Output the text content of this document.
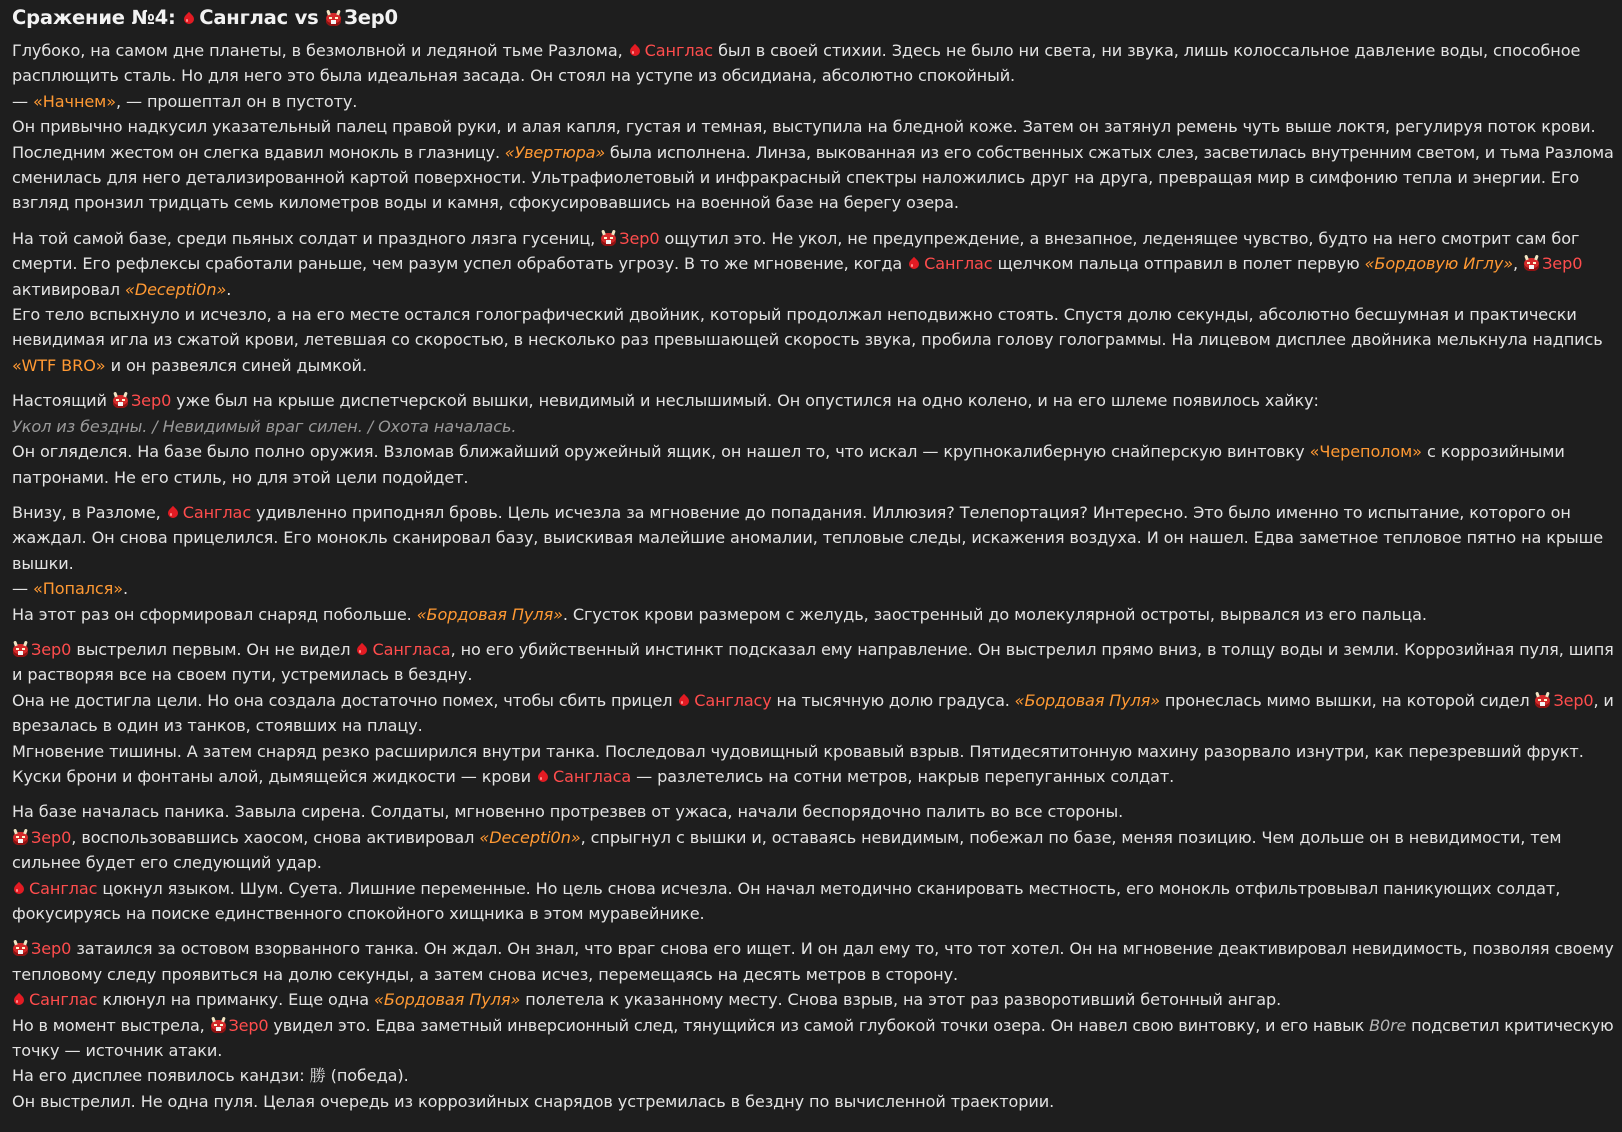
Сражение №4: Санглас vs Зер0
Глубоко, на самом дне планеты, в безмолвной и ледяной тьме Разлома, Санглас был в своей стихии. Здесь не было ни света, ни звука, лишь колоссальное давление воды, способное
расплющить сталь. Но для него это была идеальная засада. Он стоял на уступе из обсидиана, абсолютно спокойный.
— «Начнем», — прошептал он в пустоту.
Он привычно надкусил указательный палец правой руки, и алая капля, густая и темная, выступила на бледной коже. Затем он затянул ремень чуть выше локтя, регулируя поток крови.
Последним жестом он слегка вдавил монокль в глазницу. «Увертюра» была исполнена. Линза, выкованная из его собственных сжатых слез, засветилась внутренним светом, и тьма Разлома
сменилась для него детализированной картой поверхности. Ультрафиолетовый и инфракрасный спектры наложились друг на друга, превращая мир в симфонию тепла и энергии. Его
взгляд пронзил тридцать семь километров воды и камня, сфокусировавшись на военной базе на берегу озера.
На той самой базе, среди пьяных солдат и праздного лязга гусениц, Зер0 ощутил это. Не укол, не предупреждение, а внезапное, леденящее чувство, будто на него смотрит сам бог
смерти. Его рефлексы сработали раньше, чем разум успел обработать угрозу. В то же мгновение, когда Санглас щелчком пальца отправил в полет первую «Бордовую Иглу», Зер0
активировал «Decepti0n».
Его тело вспыхнуло и исчезло, а на его месте остался голографический двойник, который продолжал неподвижно стоять. Спустя долю секунды, абсолютно бесшумная и практически
невидимая игла из сжатой крови, летевшая со скоростью, в несколько раз превышающей скорость звука, пробила голову голограммы. На лицевом дисплее двойника мелькнула надпись
«WTF BRO» и он развеялся синей дымкой.
Настоящий Зер0 уже был на крыше диспетчерской вышки, невидимый и неслышимый. Он опустился на одно колено, и на его шлеме появилось хайку:
Укол из бездны. / Невидимый враг силен. / Охота началась.
Он огляделся. На базе было полно оружия. Взломав ближайший оружейный ящик, он нашел то, что искал — крупнокалиберную снайперскую винтовку «Череполом» с коррозийными
патронами. Не его стиль, но для этой цели подойдет.
Внизу, в Разломе, Санглас удивленно приподнял бровь. Цель исчезла за мгновение до попадания. Иллюзия? Телепортация? Интересно. Это было именно то испытание, которого он
жаждал. Он снова прицелился. Его монокль сканировал базу, выискивая малейшие аномалии, тепловые следы, искажения воздуха. И он нашел. Едва заметное тепловое пятно на крыше
вышки.
— «Попался».
На этот раз он сформировал снаряд побольше. «Бордовая Пуля». Сгусток крови размером с желудь, заостренный до молекулярной остроты, вырвался из его пальца.
Зер0 выстрелил первым. Он не видел Сангласа, но его убийственный инстинкт подсказал ему направление. Он выстрелил прямо вниз, в толщу воды и земли. Коррозийная пуля, шипя
и растворяя все на своем пути, устремилась в бездну.
Она не достигла цели. Но она создала достаточно помех, чтобы сбить прицел Сангласу на тысячную долю градуса. «Бордовая Пуля» пронеслась мимо вышки, на которой сидел Зер0, и
врезалась в один из танков, стоявших на плацу.
Мгновение тишины. А затем снаряд резко расширился внутри танка. Последовал чудовищный кровавый взрыв. Пятидесятитонную махину разорвало изнутри, как перезревший фрукт.
Куски брони и фонтаны алой, дымящейся жидкости — крови Сангласа — разлетелись на сотни метров, накрыв перепуганных солдат.
На базе началась паника. Завыла сирена. Солдаты, мгновенно протрезвев от ужаса, начали беспорядочно палить во все стороны.
Зер0, воспользовавшись хаосом, снова активировал «Decepti0n», спрыгнул с вышки и, оставаясь невидимым, побежал по базе, меняя позицию. Чем дольше он в невидимости, тем
сильнее будет его следующий удар.
Санглас цокнул языком. Шум. Суета. Лишние переменные. Но цель снова исчезла. Он начал методично сканировать местность, его монокль отфильтровывал паникующих солдат,
фокусируясь на поиске единственного спокойного хищника в этом муравейнике.
Зер0 затаился за остовом взорванного танка. Он ждал. Он знал, что враг снова его ищет. И он дал ему то, что тот хотел. Он на мгновение деактивировал невидимость, позволяя своему
тепловому следу проявиться на долю секунды, а затем снова исчез, перемещаясь на десять метров в сторону.
Санглас клюнул на приманку. Еще одна «Бордовая Пуля» полетела к указанному месту. Снова взрыв, на этот раз разворотивший бетонный ангар.
Но в момент выстрела, Зер0 увидел это. Едва заметный инверсионный след, тянущийся из самой глубокой точки озера. Он навел свою винтовку, и его навык B0re подсветил критическую
точку — источник атаки.
На его дисплее появилось кандзи: 勝 (победа).
Он выстрелил. Не одна пуля. Целая очередь из коррозийных снарядов устремилась в бездну по вычисленной траектории.
